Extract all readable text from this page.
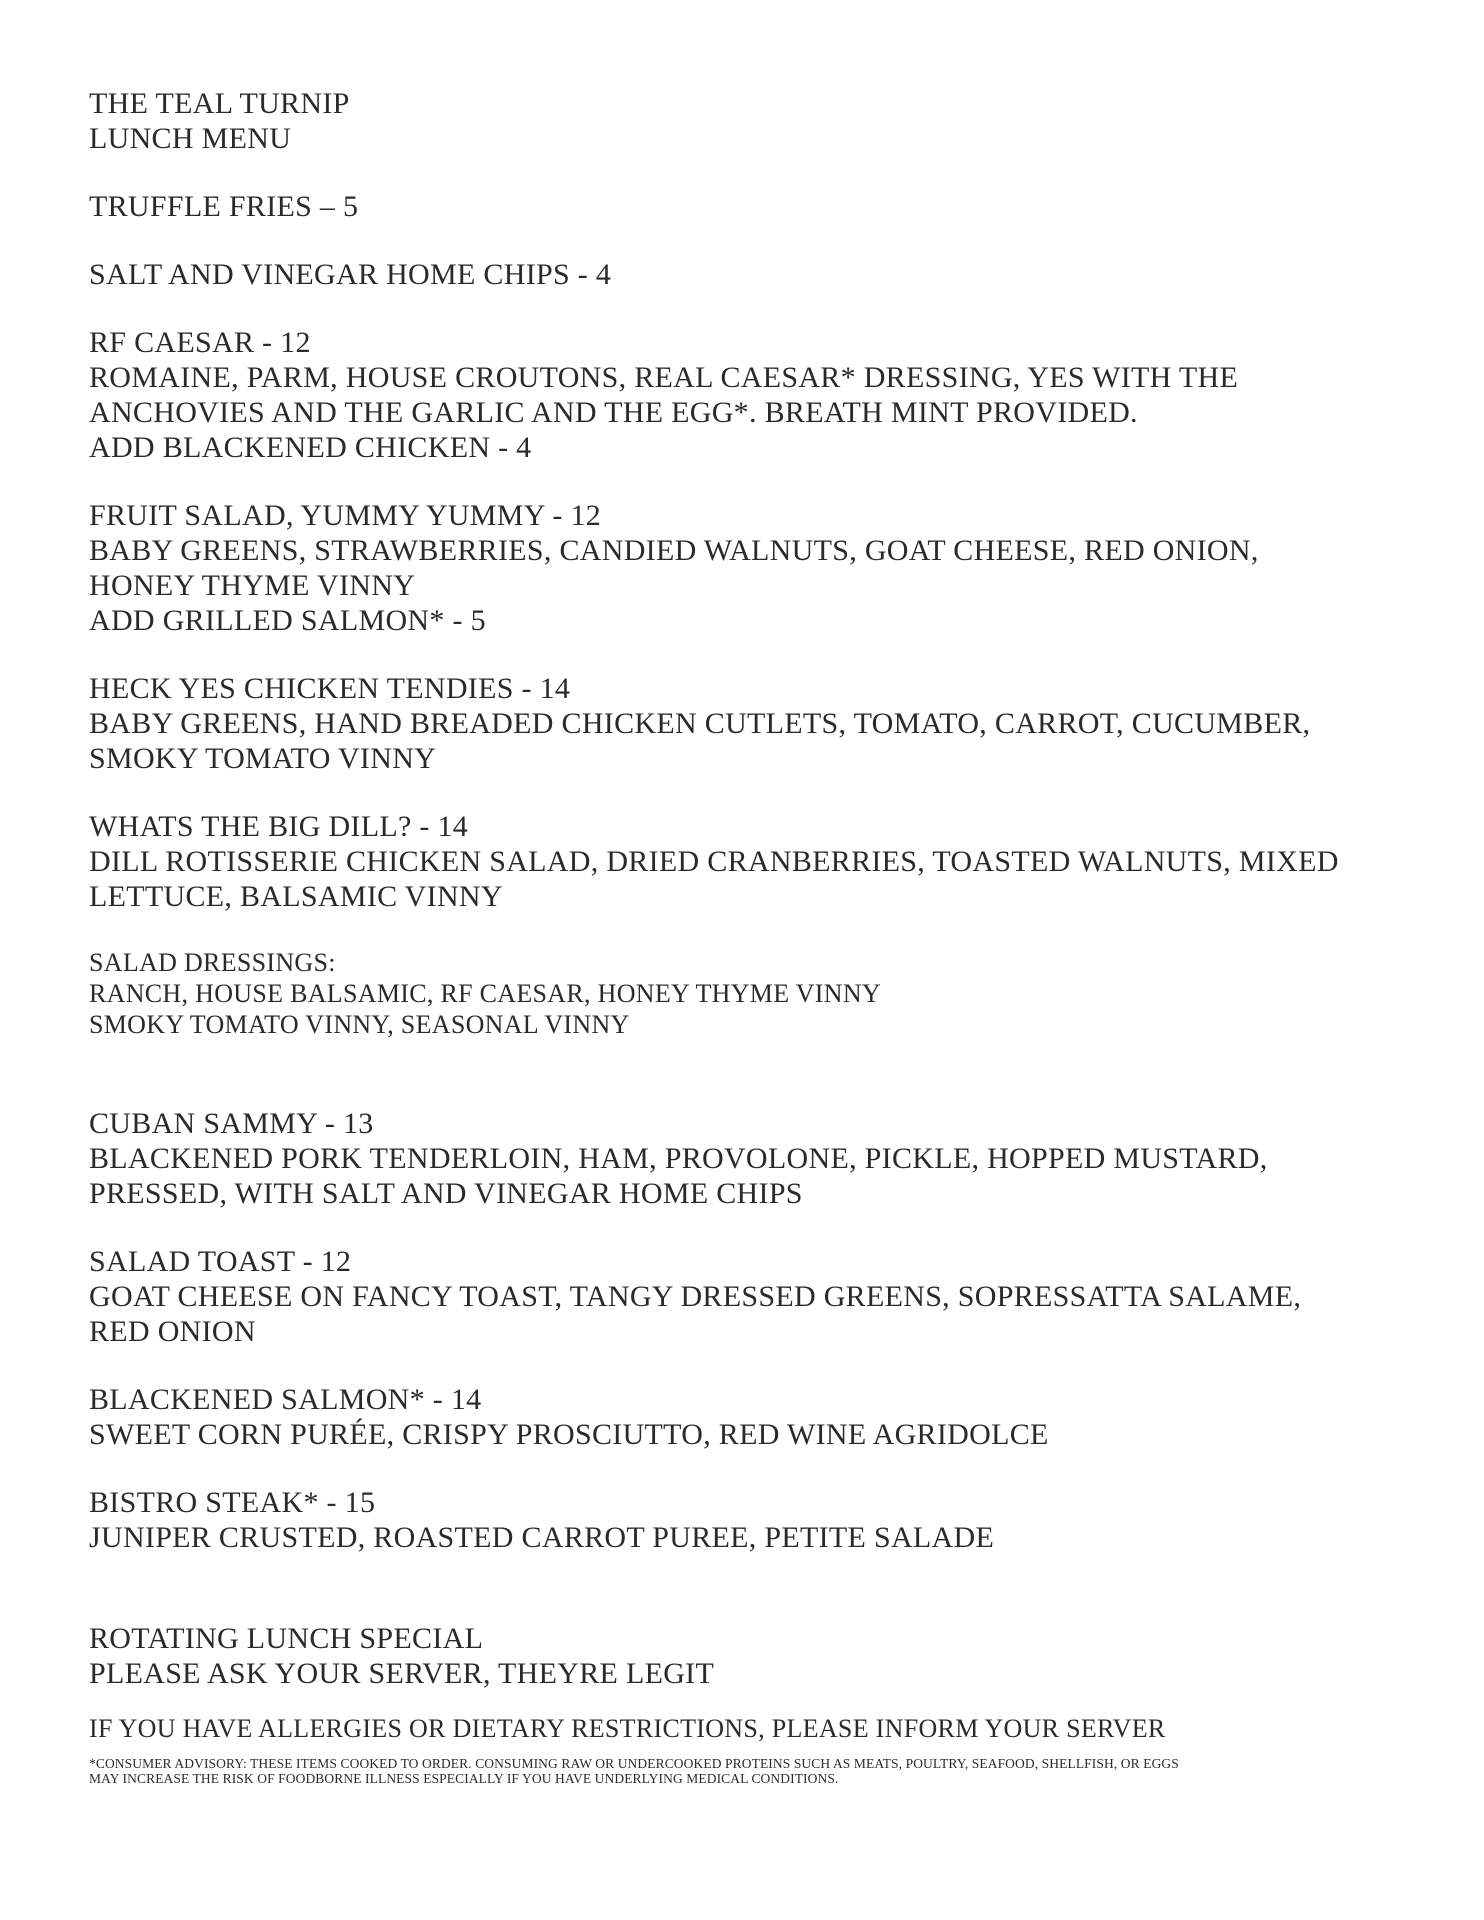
THE TEAL TURNIP
LUNCH MENU
TRUFFLE FRIES – 5
SALT AND VINEGAR HOME CHIPS - 4
RF CAESAR - 12
ROMAINE, PARM, HOUSE CROUTONS, REAL CAESAR* DRESSING, YES WITH THE
ANCHOVIES AND THE GARLIC AND THE EGG*. BREATH MINT PROVIDED.
ADD BLACKENED CHICKEN - 4
FRUIT SALAD, YUMMY YUMMY - 12
BABY GREENS, STRAWBERRIES, CANDIED WALNUTS, GOAT CHEESE, RED ONION,
HONEY THYME VINNY
ADD GRILLED SALMON* - 5
HECK YES CHICKEN TENDIES - 14
BABY GREENS, HAND BREADED CHICKEN CUTLETS, TOMATO, CARROT, CUCUMBER,
SMOKY TOMATO VINNY
WHATS THE BIG DILL? - 14
DILL ROTISSERIE CHICKEN SALAD, DRIED CRANBERRIES, TOASTED WALNUTS, MIXED
LETTUCE, BALSAMIC VINNY
SALAD DRESSINGS:
RANCH, HOUSE BALSAMIC, RF CAESAR, HONEY THYME VINNY
SMOKY TOMATO VINNY, SEASONAL VINNY
CUBAN SAMMY - 13
BLACKENED PORK TENDERLOIN, HAM, PROVOLONE, PICKLE, HOPPED MUSTARD,
PRESSED, WITH SALT AND VINEGAR HOME CHIPS
SALAD TOAST - 12
GOAT CHEESE ON FANCY TOAST, TANGY DRESSED GREENS, SOPRESSATTA SALAME,
RED ONION
BLACKENED SALMON* - 14
SWEET CORN PURÉE, CRISPY PROSCIUTTO, RED WINE AGRIDOLCE
BISTRO STEAK* - 15
JUNIPER CRUSTED, ROASTED CARROT PUREE, PETITE SALADE
ROTATING LUNCH SPECIAL
PLEASE ASK YOUR SERVER, THEYRE LEGIT
IF YOU HAVE ALLERGIES OR DIETARY RESTRICTIONS, PLEASE INFORM YOUR SERVER
*CONSUMER ADVISORY: THESE ITEMS COOKED TO ORDER. CONSUMING RAW OR UNDERCOOKED PROTEINS SUCH AS MEATS, POULTRY, SEAFOOD, SHELLFISH, OR EGGS
MAY INCREASE THE RISK OF FOODBORNE ILLNESS ESPECIALLY IF YOU HAVE UNDERLYING MEDICAL CONDITIONS.
